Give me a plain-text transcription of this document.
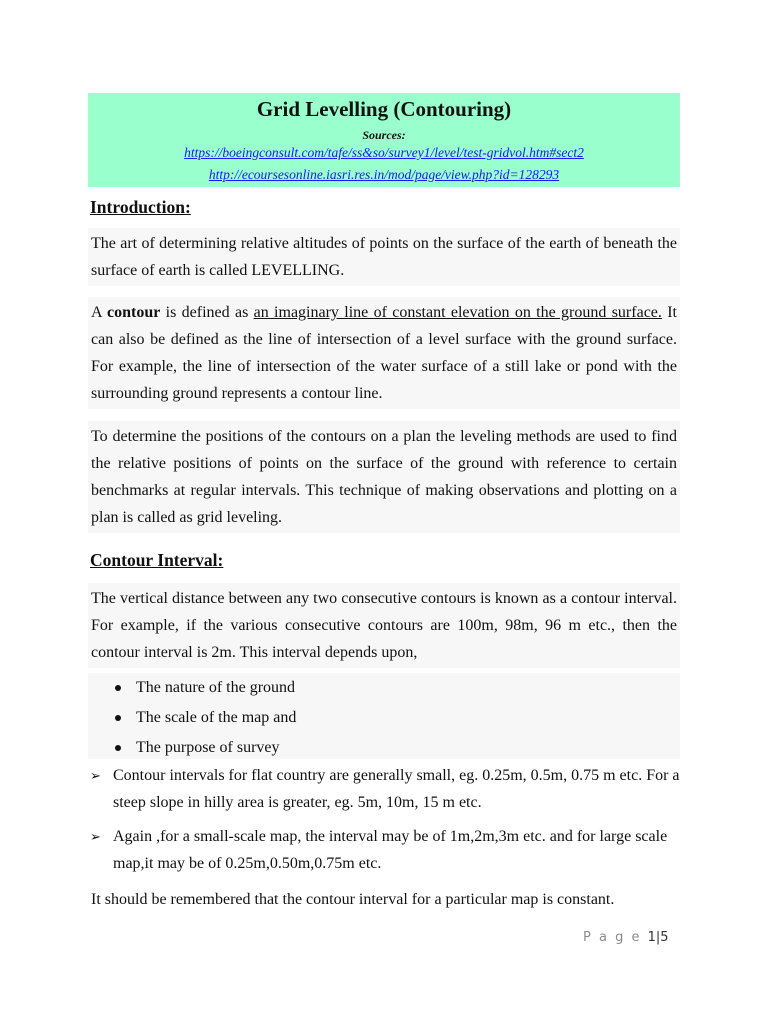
Grid Levelling (Contouring)
Sources:
https://boeingconsult.com/tafe/ss&so/survey1/level/test-gridvol.htm#sect2
http://ecoursesonline.iasri.res.in/mod/page/view.php?id=128293
Introduction:
The art of determining relative altitudes of points on the surface of the earth of beneath the surface of earth is called LEVELLING.
A contour is defined as an imaginary line of constant elevation on the ground surface. It can also be defined as the line of intersection of a level surface with the ground surface. For example, the line of intersection of the water surface of a still lake or pond with the surrounding ground represents a contour line.
To determine the positions of the contours on a plan the leveling methods are used to find the relative positions of points on the surface of the ground with reference to certain benchmarks at regular intervals. This technique of making observations and plotting on a plan is called as grid leveling.
Contour Interval:
The vertical distance between any two consecutive contours is known as a contour interval. For example, if the various consecutive contours are 100m, 98m, 96 m etc., then the contour interval is 2m. This interval depends upon,
The nature of the ground
The scale of the map and
The purpose of survey
➢ Contour intervals for flat country are generally small, eg. 0.25m, 0.5m, 0.75 m etc. For a steep slope in hilly area is greater, eg. 5m, 10m, 15 m etc.
➢ Again ,for a small-scale map, the interval may be of 1m,2m,3m etc. and for large scale map,it may be of 0.25m,0.50m,0.75m etc.
It should be remembered that the contour interval for a particular map is constant.
P a g e 1|5
